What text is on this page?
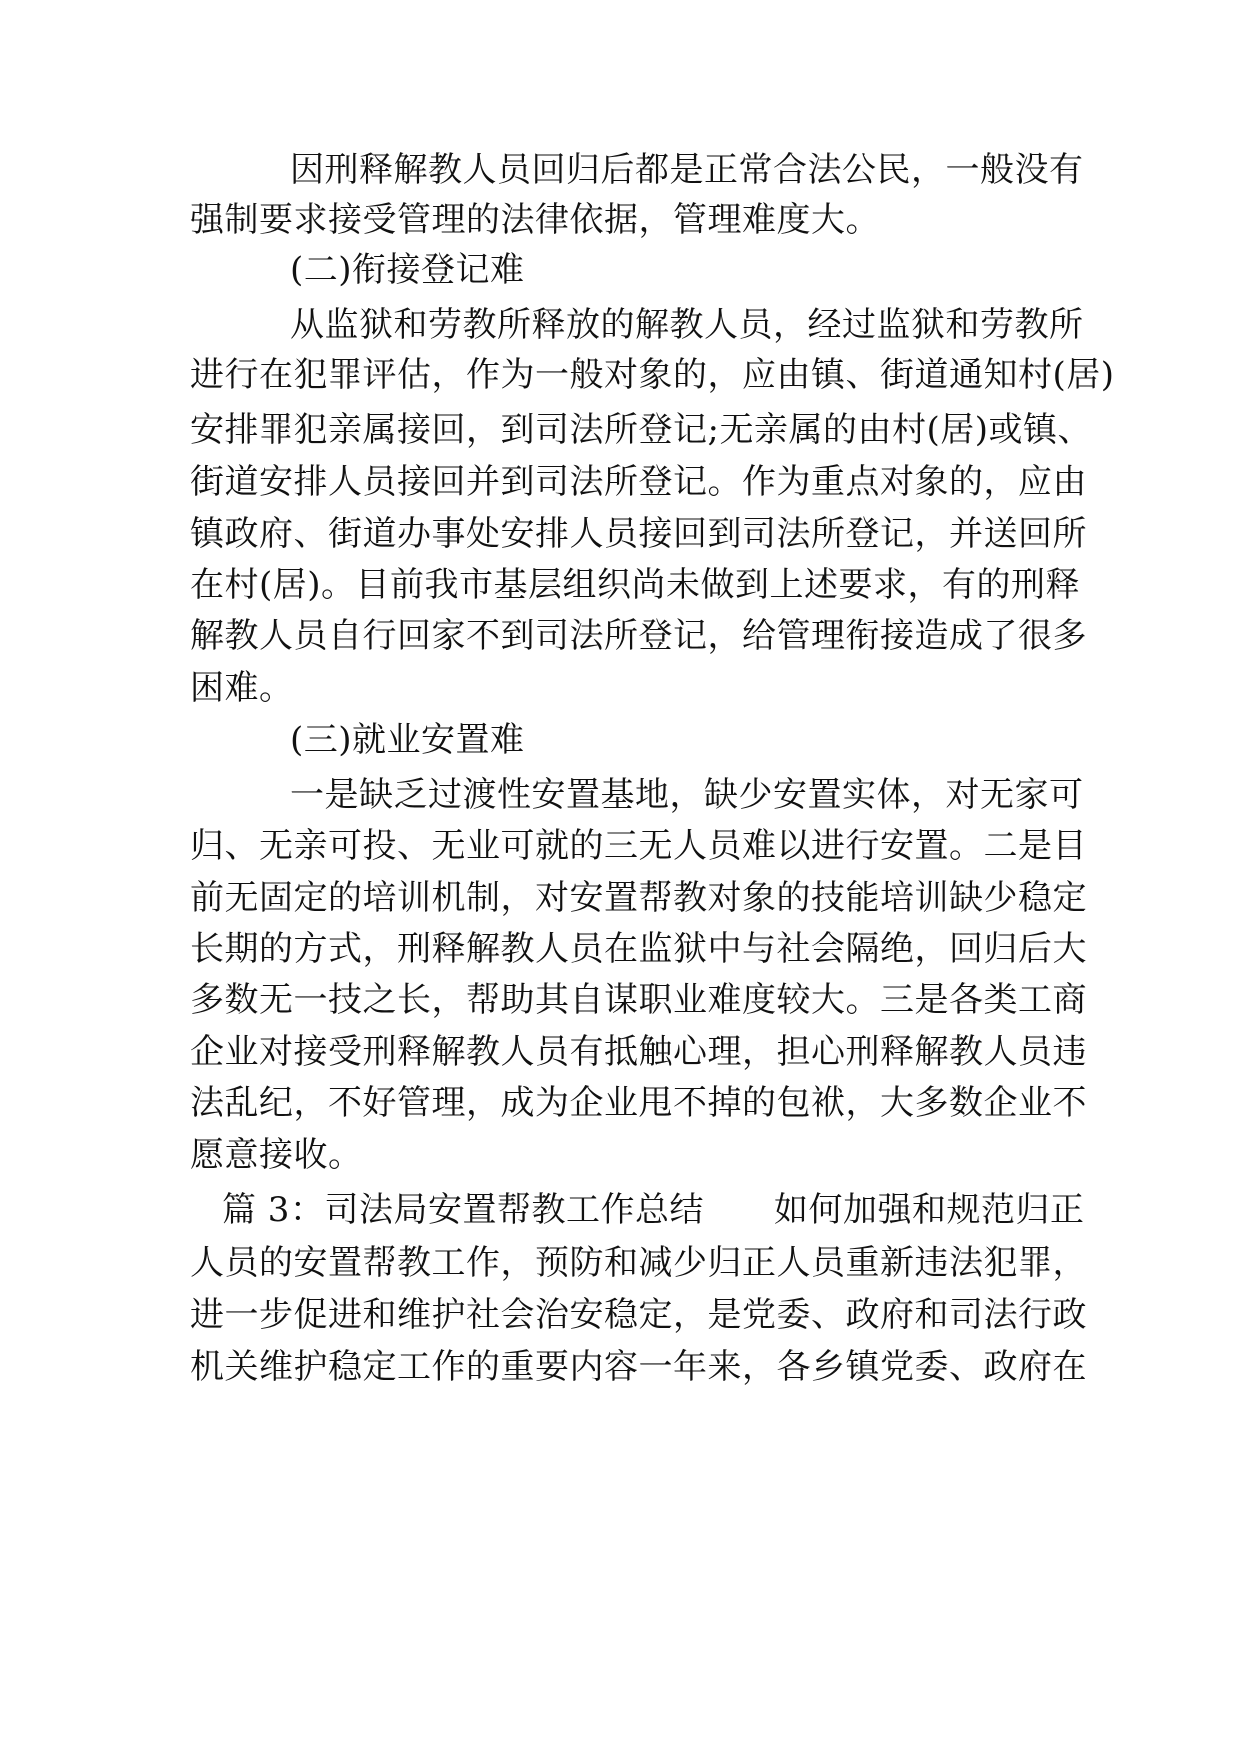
因刑释解教人员回归后都是正常合法公民，一般没有
强制要求接受管理的法律依据，管理难度大。
(二)衔接登记难
从监狱和劳教所释放的解教人员，经过监狱和劳教所
进行在犯罪评估，作为一般对象的，应由镇、街道通知村(居)
安排罪犯亲属接回，到司法所登记;无亲属的由村(居)或镇、
街道安排人员接回并到司法所登记。作为重点对象的，应由
镇政府、街道办事处安排人员接回到司法所登记，并送回所
在村(居)。目前我市基层组织尚未做到上述要求，有的刑释
解教人员自行回家不到司法所登记，给管理衔接造成了很多
困难。
(三)就业安置难
一是缺乏过渡性安置基地，缺少安置实体，对无家可
归、无亲可投、无业可就的三无人员难以进行安置。二是目
前无固定的培训机制，对安置帮教对象的技能培训缺少稳定
长期的方式，刑释解教人员在监狱中与社会隔绝，回归后大
多数无一技之长，帮助其自谋职业难度较大。三是各类工商
企业对接受刑释解教人员有抵触心理，担心刑释解教人员违
法乱纪，不好管理，成为企业甩不掉的包袱，大多数企业不
愿意接收。
篇 3：司法局安置帮教工作总结 如何加强和规范归正
人员的安置帮教工作，预防和减少归正人员重新违法犯罪，
进一步促进和维护社会治安稳定，是党委、政府和司法行政
机关维护稳定工作的重要内容一年来，各乡镇党委、政府在
